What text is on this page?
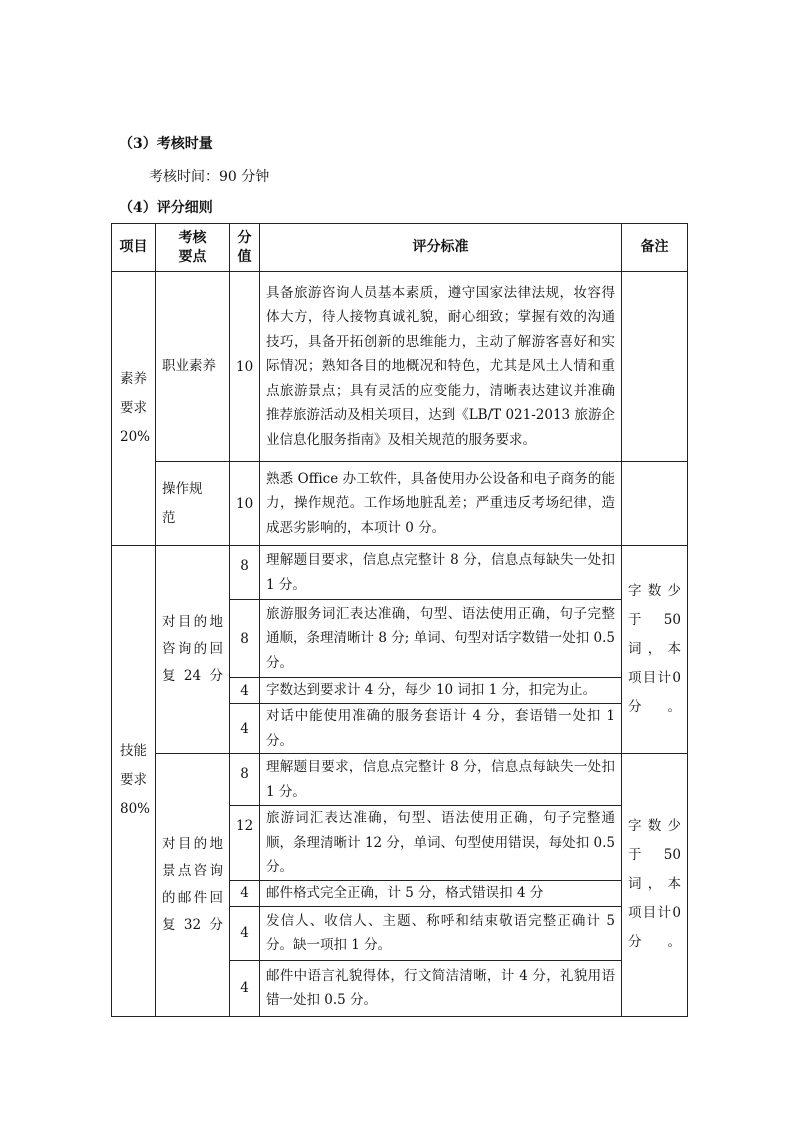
（3）考核时量
考核时间：90 分钟
（4）评分细则
项目	考核要点	分值	评分标准	备注
素养要求20%	职业素养	10	具备旅游咨询人员基本素质，遵守国家法律法规，妆容得体大方，待人接物真诚礼貌，耐心细致；掌握有效的沟通技巧，具备开拓创新的思维能力，主动了解游客喜好和实际情况；熟知各目的地概况和特色，尤其是风土人情和重点旅游景点；具有灵活的应变能力，清晰表达建议并准确推荐旅游活动及相关项目，达到《LB/T 021-2013 旅游企业信息化服务指南》及相关规范的服务要求。	
	操作规范	10	熟悉 Office 办工软件，具备使用办公设备和电子商务的能力，操作规范。工作场地脏乱差；严重违反考场纪律，造成恶劣影响的，本项计 0 分。	
技能要求80%	对目的地咨询的回复24分	8	理解题目要求，信息点完整计 8 分，信息点每缺失一处扣 1 分。	字数少于50词，本项目计0分。
		8	旅游服务词汇表达准确，句型、语法使用正确，句子完整通顺，条理清晰计 8 分; 单词、句型对话字数错一处扣 0.5 分。	
		4	字数达到要求计 4 分，每少 10 词扣 1 分，扣完为止。	
		4	对话中能使用准确的服务套语计 4 分，套语错一处扣 1 分。	
	对目的地景点咨询的邮件回复32分	8	理解题目要求，信息点完整计 8 分，信息点每缺失一处扣 1 分。	字数少于50词，本项目计0分。
		12	旅游词汇表达准确，句型、语法使用正确，句子完整通顺，条理清晰计 12 分，单词、句型使用错误，每处扣 0.5 分。	
		4	邮件格式完全正确，计 5 分，格式错误扣 4 分	
		4	发信人、收信人、主题、称呼和结束敬语完整正确计 5 分。缺一项扣 1 分。	
		4	邮件中语言礼貌得体，行文简洁清晰，计 4 分，礼貌用语错一处扣 0.5 分。	
